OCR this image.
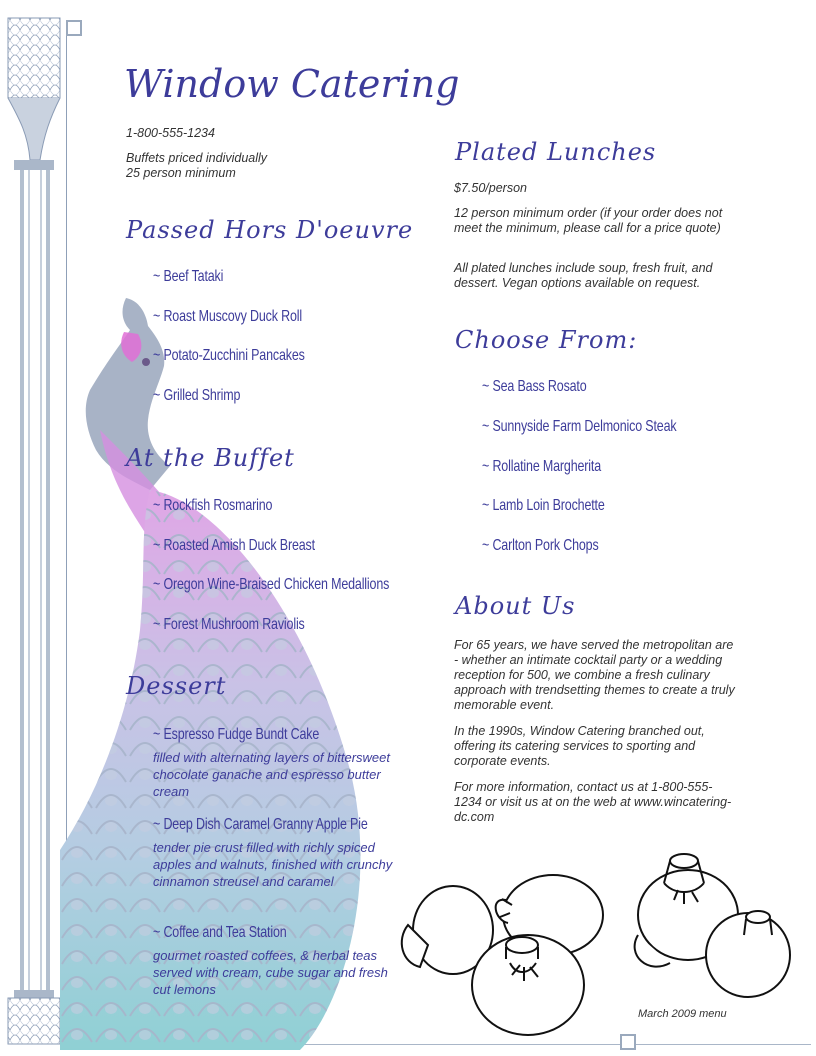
Window Catering
1-800-555-1234
Buffets priced individually
25 person minimum
Passed Hors D'oeuvre
~ Beef Tataki
~ Roast Muscovy Duck Roll
~ Potato-Zucchini Pancakes
~ Grilled Shrimp
At the Buffet
~ Rockfish Rosmarino
~ Roasted Amish Duck Breast
~ Oregon Wine-Braised Chicken Medallions
~ Forest Mushroom Raviolis
Dessert
~ Espresso Fudge Bundt Cake
filled with alternating layers of bittersweet chocolate ganache and espresso butter cream
~ Deep Dish Caramel Granny Apple Pie
tender pie crust filled with richly spiced apples and walnuts, finished with crunchy cinnamon streusel and caramel
~ Coffee and Tea Station
gourmet roasted coffees, & herbal teas served with cream, cube sugar and fresh cut lemons
Plated Lunches
$7.50/person
12 person minimum order (if your order does not meet the minimum, please call for a price quote)
All plated lunches include soup, fresh fruit, and dessert. Vegan options available on request.
Choose From:
~ Sea Bass Rosato
~ Sunnyside Farm Delmonico Steak
~ Rollatine Margherita
~ Lamb Loin Brochette
~ Carlton Pork Chops
About Us
For 65 years, we have served the metropolitan are - whether an intimate cocktail party or a wedding reception for 500, we combine a fresh culinary approach with trendsetting themes to create a truly memorable event.
In the 1990s, Window Catering branched out, offering its catering services to sporting and corporate events.
For more information, contact us at 1-800-555-1234 or visit us at on the web at www.wincatering-dc.com
March 2009 menu
